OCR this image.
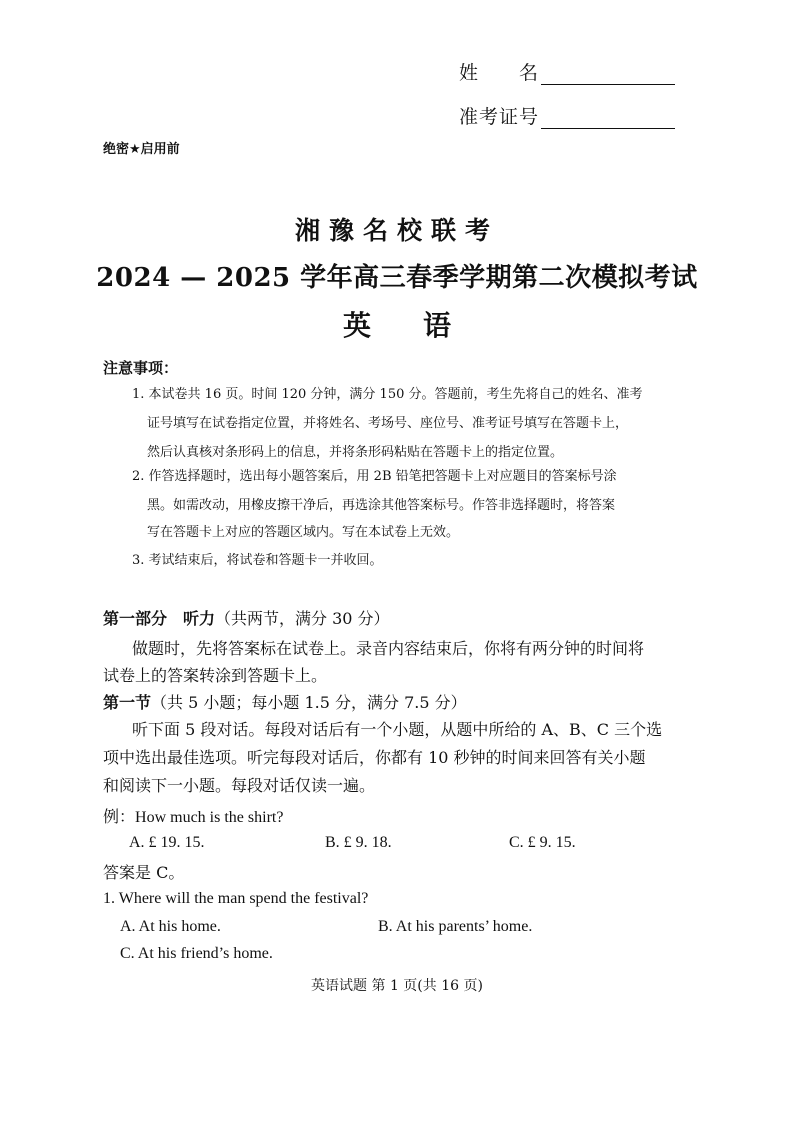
姓　　名
准考证号
绝密★启用前
湘豫名校联考
2024 — 2025 学年高三春季学期第二次模拟考试
英语
注意事项：
1. 本试卷共 16 页。时间 120 分钟，满分 150 分。答题前，考生先将自己的姓名、准考
证号填写在试卷指定位置，并将姓名、考场号、座位号、准考证号填写在答题卡上，
然后认真核对条形码上的信息，并将条形码粘贴在答题卡上的指定位置。
2. 作答选择题时，选出每小题答案后，用 2B 铅笔把答题卡上对应题目的答案标号涂
黑。如需改动，用橡皮擦干净后，再选涂其他答案标号。作答非选择题时，将答案
写在答题卡上对应的答题区域内。写在本试卷上无效。
3. 考试结束后，将试卷和答题卡一并收回。
第一部分　听力（共两节，满分 30 分）
做题时，先将答案标在试卷上。录音内容结束后，你将有两分钟的时间将
试卷上的答案转涂到答题卡上。
第一节（共 5 小题；每小题 1.5 分，满分 7.5 分）
听下面 5 段对话。每段对话后有一个小题，从题中所给的 A、B、C 三个选
项中选出最佳选项。听完每段对话后，你都有 10 秒钟的时间来回答有关小题
和阅读下一小题。每段对话仅读一遍。
例：How much is the shirt?
A. £ 19. 15.	B. £ 9. 18.	C. £ 9. 15.
答案是 C。
1. Where will the man spend the festival?
A. At his home.	B. At his parents’ home.
C. At his friend’s home.
英语试题 第 1 页(共 16 页)
